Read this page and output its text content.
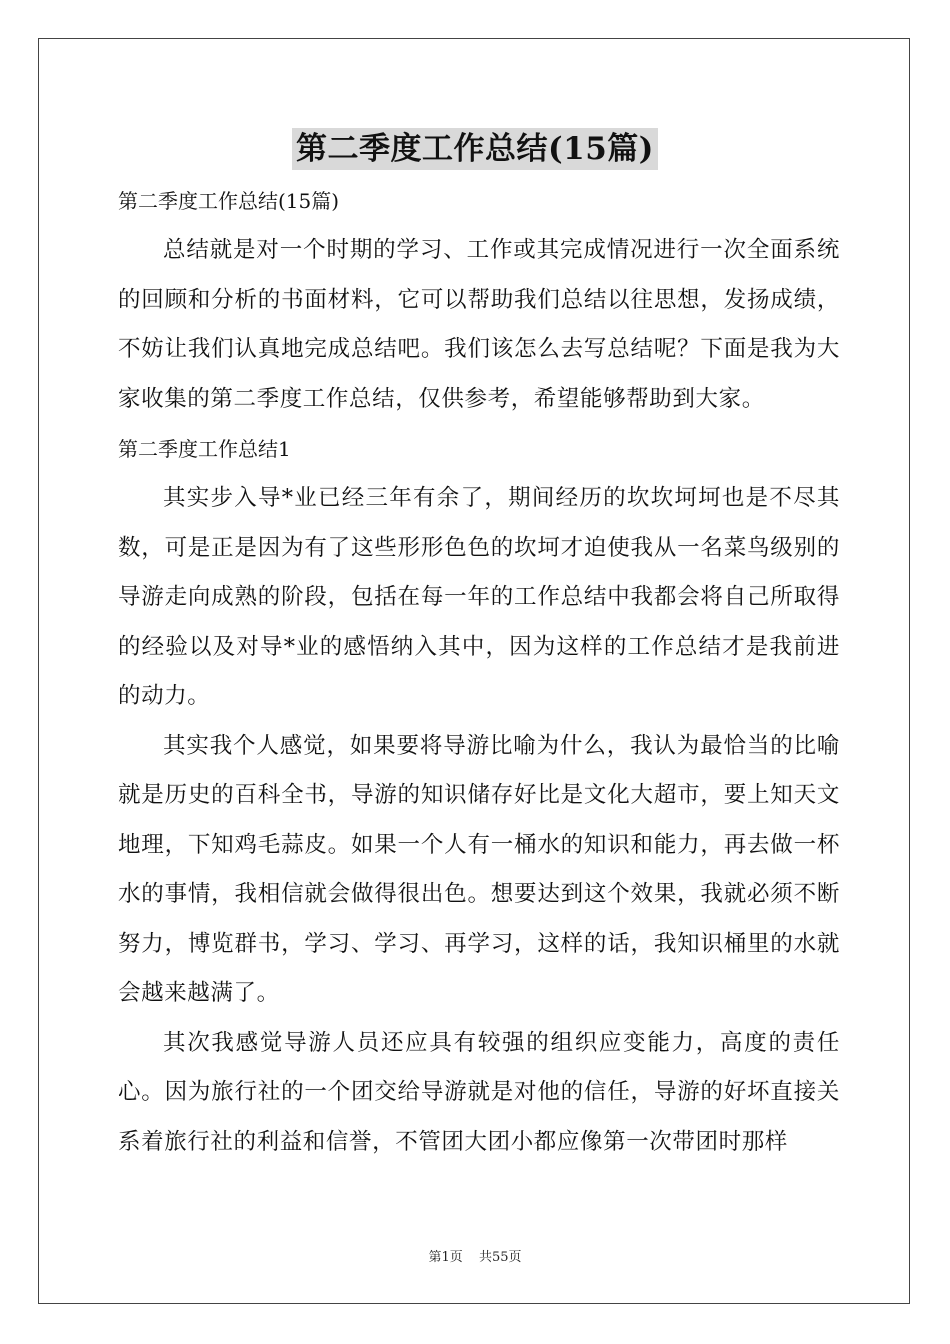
第二季度工作总结(15篇)

第二季度工作总结(15篇)

总结就是对一个时期的学习、工作或其完成情况进行一次全面系统的回顾和分析的书面材料，它可以帮助我们总结以往思想，发扬成绩，不妨让我们认真地完成总结吧。我们该怎么去写总结呢？下面是我为大家收集的第二季度工作总结，仅供参考，希望能够帮助到大家。

第二季度工作总结1

其实步入导*业已经三年有余了，期间经历的坎坎坷坷也是不尽其数，可是正是因为有了这些形形色色的坎坷才迫使我从一名菜鸟级别的导游走向成熟的阶段，包括在每一年的工作总结中我都会将自己所取得的经验以及对导*业的感悟纳入其中，因为这样的工作总结才是我前进的动力。

其实我个人感觉，如果要将导游比喻为什么，我认为最恰当的比喻就是历史的百科全书，导游的知识储存好比是文化大超市，要上知天文地理，下知鸡毛蒜皮。如果一个人有一桶水的知识和能力，再去做一杯水的事情，我相信就会做得很出色。想要达到这个效果，我就必须不断努力，博览群书，学习、学习、再学习，这样的话，我知识桶里的水就会越来越满了。

其次我感觉导游人员还应具有较强的组织应变能力，高度的责任心。因为旅行社的一个团交给导游就是对他的信任，导游的好坏直接关系着旅行社的利益和信誉，不管团大团小都应像第一次带团时那样

第1页 共55页
